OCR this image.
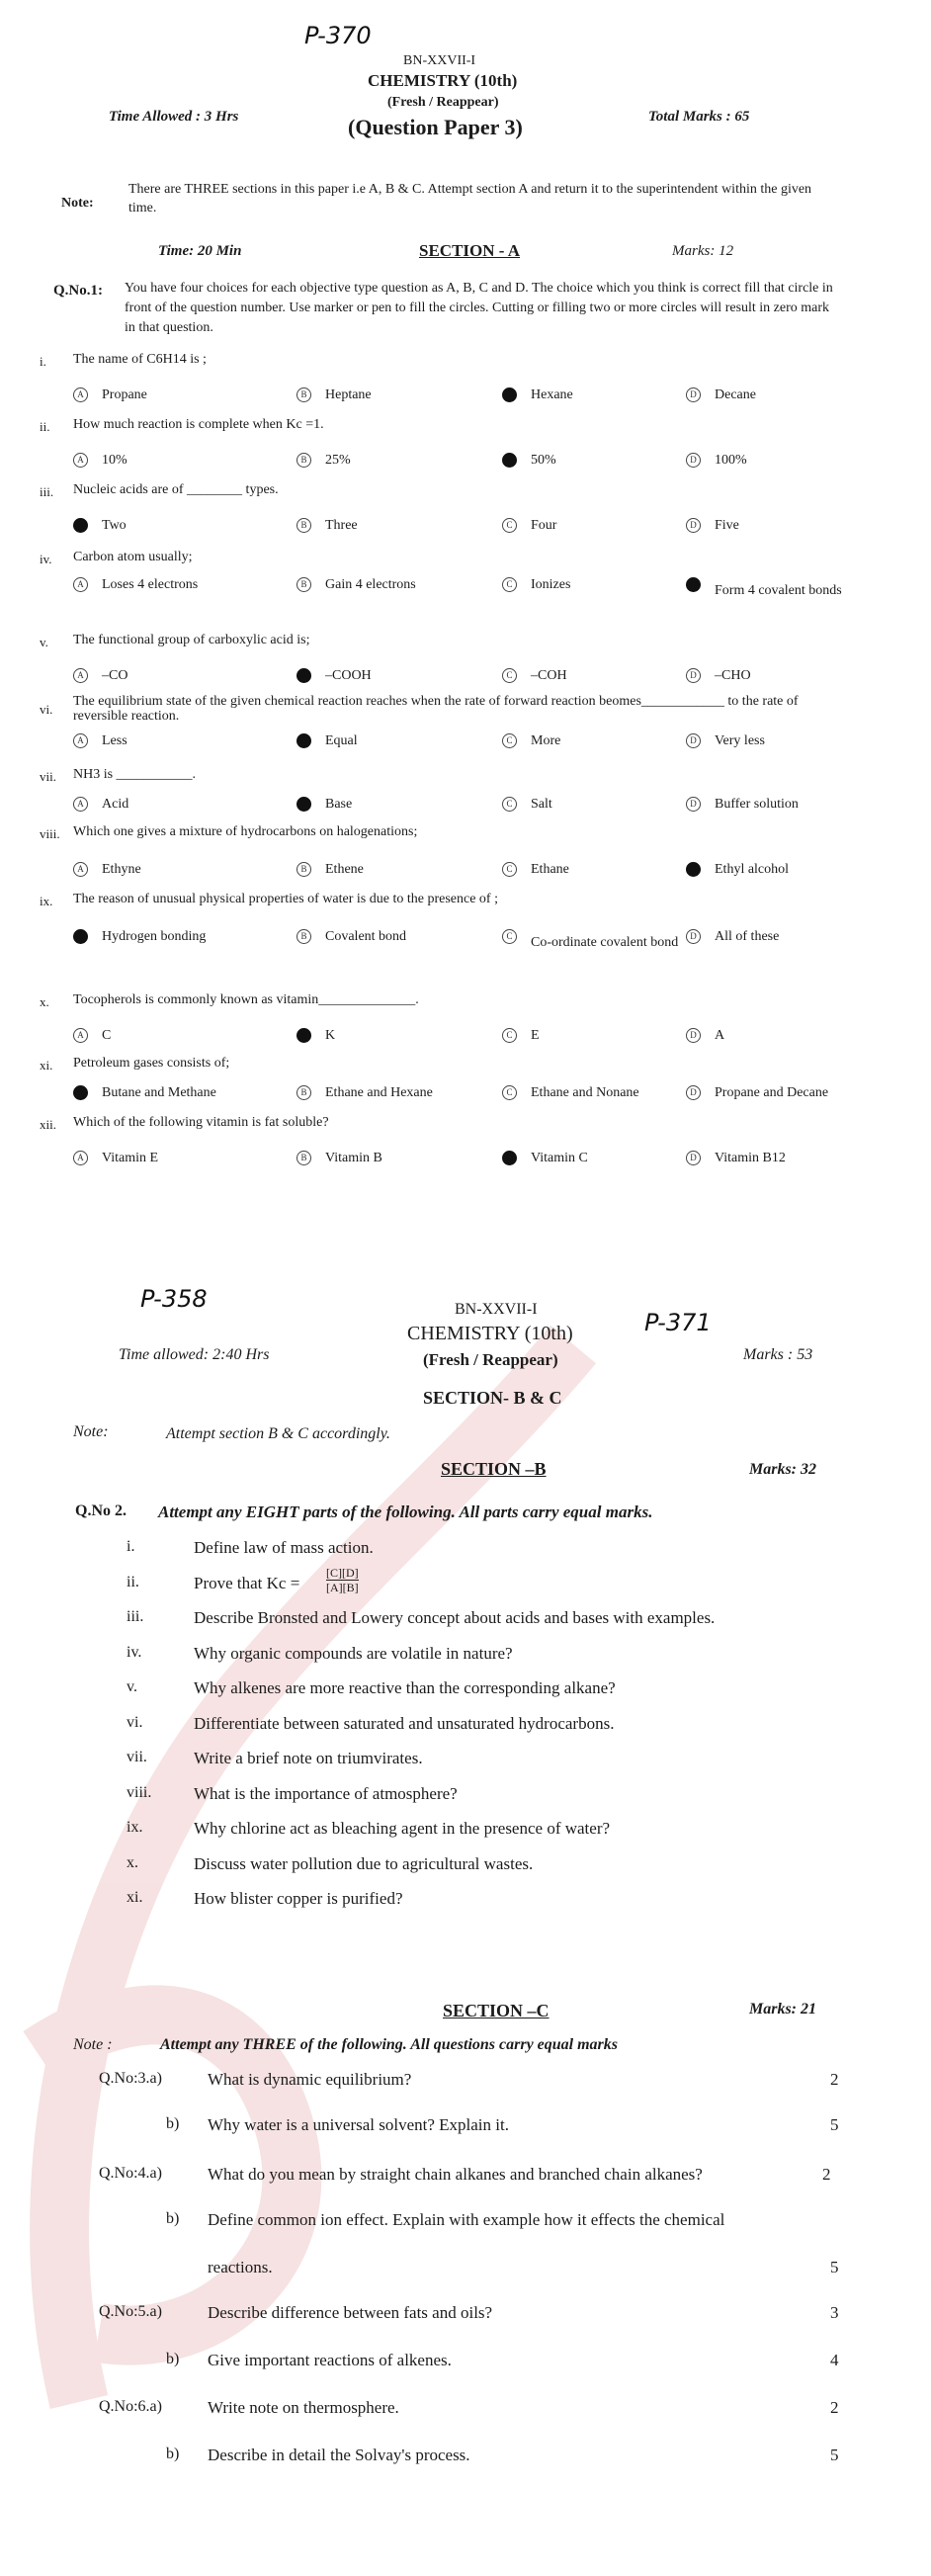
P-370
BN-XXVII-I
CHEMISTRY (10th)
(Fresh / Reappear)
(Question Paper 3)
Time Allowed : 3 Hrs	Total Marks : 65
Note:
There are THREE sections in this paper i.e A, B & C. Attempt section A and return it to the superintendent within the given time.
Time: 20 Min	SECTION - A	Marks: 12
Q.No.1: You have four choices for each objective type question as A, B, C and D. The choice which you think is correct fill that circle in front of the question number. Use marker or pen to fill the circles. Cutting or filling two or more circles will result in zero mark in that question.
i. The name of C6H14 is ;
A Propane	B Heptane	C Hexane	D Decane
ii. How much reaction is complete when Kc =1.
A 10%	B 25%	C 50%	D 100%
iii. Nucleic acids are of ________ types.
A Two	B Three	C Four	D Five
iv. Carbon atom usually;
A Loses 4 electrons	B Gain 4 electrons	C Ionizes	D Form 4 covalent bonds
v. The functional group of carboxylic acid is;
A –CO	B –COOH	C –COH	D –CHO
vi.
The equilibrium state of the given chemical reaction reaches when the rate of forward reaction beomes____________ to the rate of reversible reaction.
A Less	B Equal	C More	D Very less
vii. NH3 is ___________.
A Acid	B Base	C Salt	D Buffer solution
viii. Which one gives a mixture of hydrocarbons on halogenations;
A Ethyne	B Ethene	C Ethane	D Ethyl alcohol
ix. The reason of unusual physical properties of water is due to the presence of ;
A Hydrogen bonding	B Covalent bond	C Co-ordinate covalent bond	D All of these
x. Tocopherols is commonly known as vitamin______________.
A C	B K	C E	D A
xi. Petroleum gases consists of;
A Butane and Methane	B Ethane and Hexane	C Ethane and Nonane	D Propane and Decane
xii. Which of the following vitamin is fat soluble?
A Vitamin E	B Vitamin B	C Vitamin C	D Vitamin B12
P-358
P-371
BN-XXVII-I
CHEMISTRY (10th)
(Fresh / Reappear)
Time allowed: 2:40 Hrs	Marks : 53
SECTION- B & C
Note:	Attempt section B & C accordingly.
SECTION –B	Marks: 32
Q.No 2. Attempt any EIGHT parts of the following. All parts carry equal marks.
i.	Define law of mass action.
ii.	Prove that $Kc = \frac{[C][D]}{[A][B]}$
iii.	Describe Bronsted and Lowery concept about acids and bases with examples.
iv.	Why organic compounds are volatile in nature?
v.	Why alkenes are more reactive than the corresponding alkane?
vi.	Differentiate between saturated and unsaturated hydrocarbons.
vii.	Write a brief note on triumvirates.
viii.	What is the importance of atmosphere?
ix.	Why chlorine act as bleaching agent in the presence of water?
x.	Discuss water pollution due to agricultural wastes.
xi.	How blister copper is purified?
SECTION –C	Marks: 21
Note :	Attempt any THREE of the following. All questions carry equal marks
Q.No:3.a)	What is dynamic equilibrium?	2
b) Why water is a universal solvent? Explain it.	5
Q.No:4.a)	What do you mean by straight chain alkanes and branched chain alkanes?	2
b) Define common ion effect. Explain with example how it effects the chemical
reactions.	5
Q.No:5.a)	Describe difference between fats and oils?	3
b) Give important reactions of alkenes.	4
Q.No:6.a)	Write note on thermosphere.	2
b) Describe in detail the Solvay's process.	5
